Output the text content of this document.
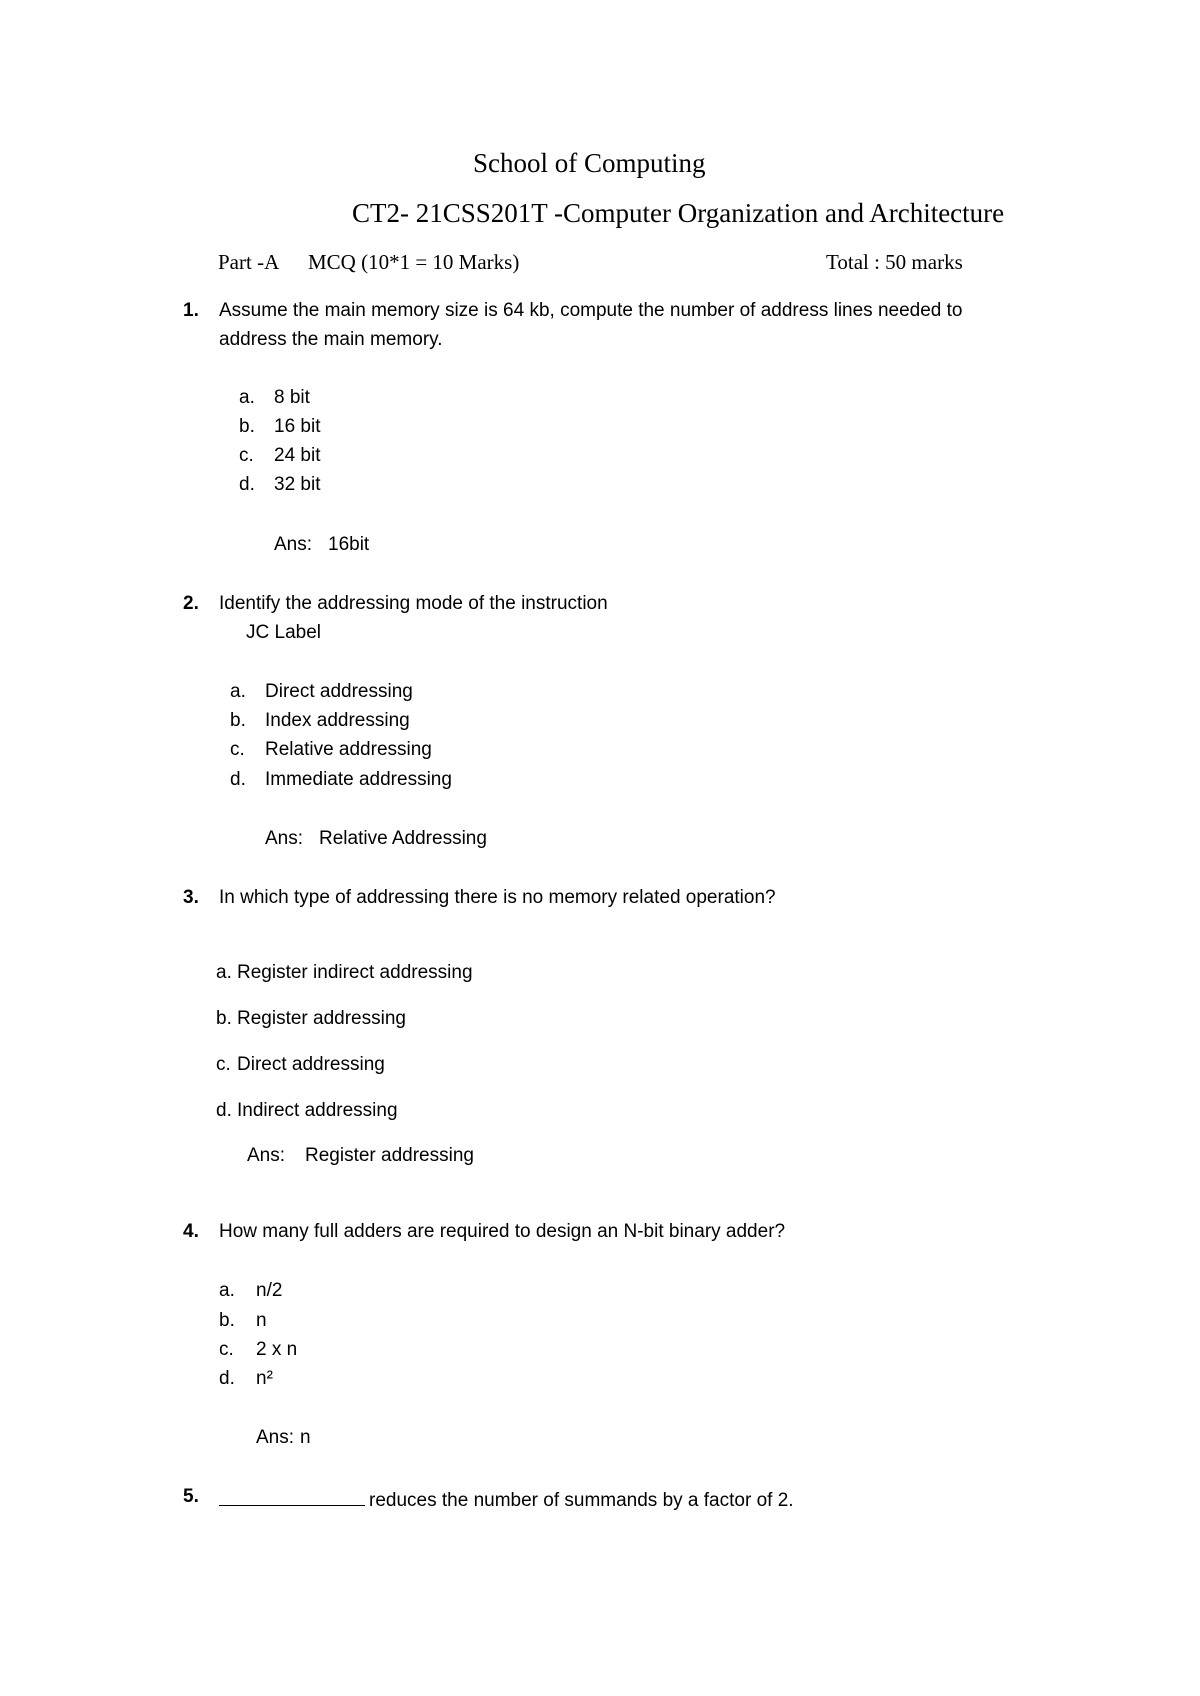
School of Computing
CT2- 21CSS201T -Computer Organization and Architecture
Part -A MCQ (10*1 = 10 Marks)	Total : 50 marks
1. Assume the main memory size is 64 kb, compute the number of address lines needed to
address the main memory.
a. 8 bit
b. 16 bit
c. 24 bit
d. 32 bit
Ans: 16bit
2. Identify the addressing mode of the instruction
JC Label
a. Direct addressing
b. Index addressing
c. Relative addressing
d. Immediate addressing
Ans: Relative Addressing
3. In which type of addressing there is no memory related operation?
a. Register indirect addressing
b. Register addressing
c. Direct addressing
d. Indirect addressing
Ans: Register addressing
4. How many full adders are required to design an N-bit binary adder?
a. n/2
b. n
c. 2 x n
d. n²
Ans: n
5.	reduces the number of summands by a factor of 2.
